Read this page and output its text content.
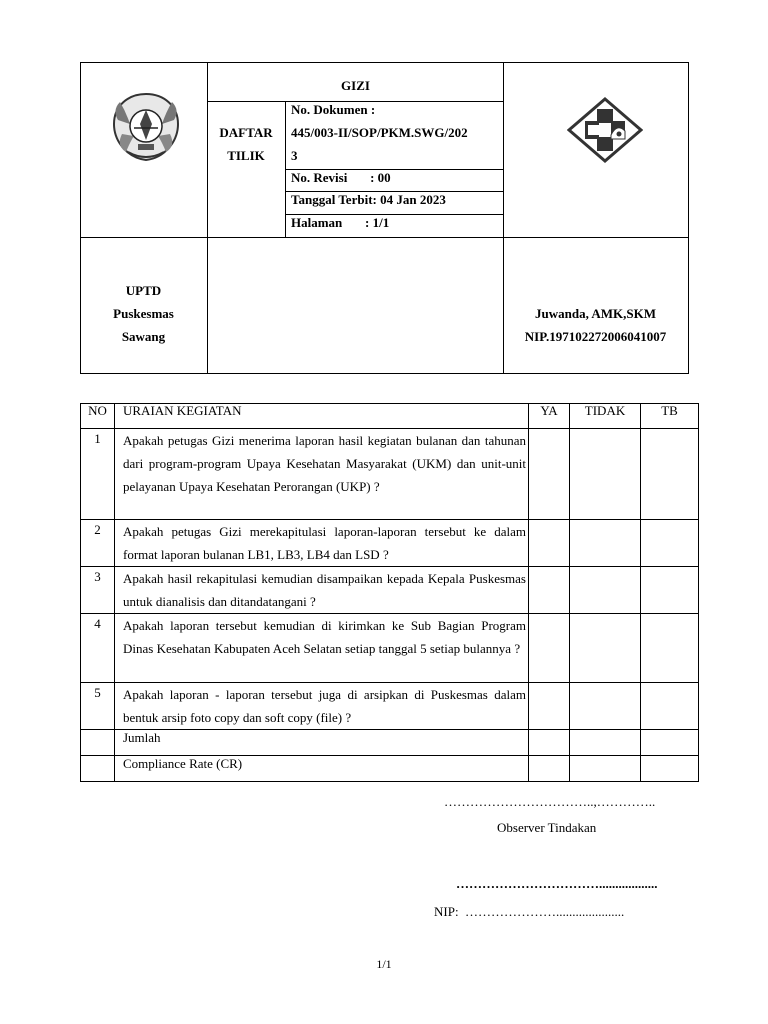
GIZI
DAFTAR
TILIK
No. Dokumen :
445/003-II/SOP/PKM.SWG/202
3
No. Revisi       : 00
Tanggal Terbit: 04 Jan 2023
Halaman       : 1/1
UPTD
Puskesmas
Sawang
Juwanda, AMK,SKM
NIP.197102272006041007
NO	URAIAN KEGIATAN	YA	TIDAK	TB
1	Apakah petugas Gizi menerima laporan hasil kegiatan bulanan dan tahunan dari program-program Upaya Kesehatan Masyarakat (UKM) dan unit-unit pelayanan Upaya Kesehatan Perorangan (UKP) ?			
2	Apakah petugas Gizi merekapitulasi laporan-laporan tersebut ke dalam format laporan bulanan LB1, LB3, LB4 dan LSD ?			
3	Apakah hasil rekapitulasi kemudian disampaikan kepada Kepala Puskesmas untuk dianalisis dan ditandatangani ?			
4	Apakah laporan tersebut kemudian di kirimkan ke Sub Bagian Program Dinas Kesehatan Kabupaten Aceh Selatan setiap tanggal 5 setiap bulannya ?			
5	Apakah laporan - laporan tersebut juga di arsipkan di Puskesmas dalam bentuk arsip foto copy dan soft copy (file) ?			
	Jumlah			
	Compliance Rate (CR)			
……………………………..,…………..
Observer Tindakan
……………………………..................
NIP:  ………………….....................
1/1
